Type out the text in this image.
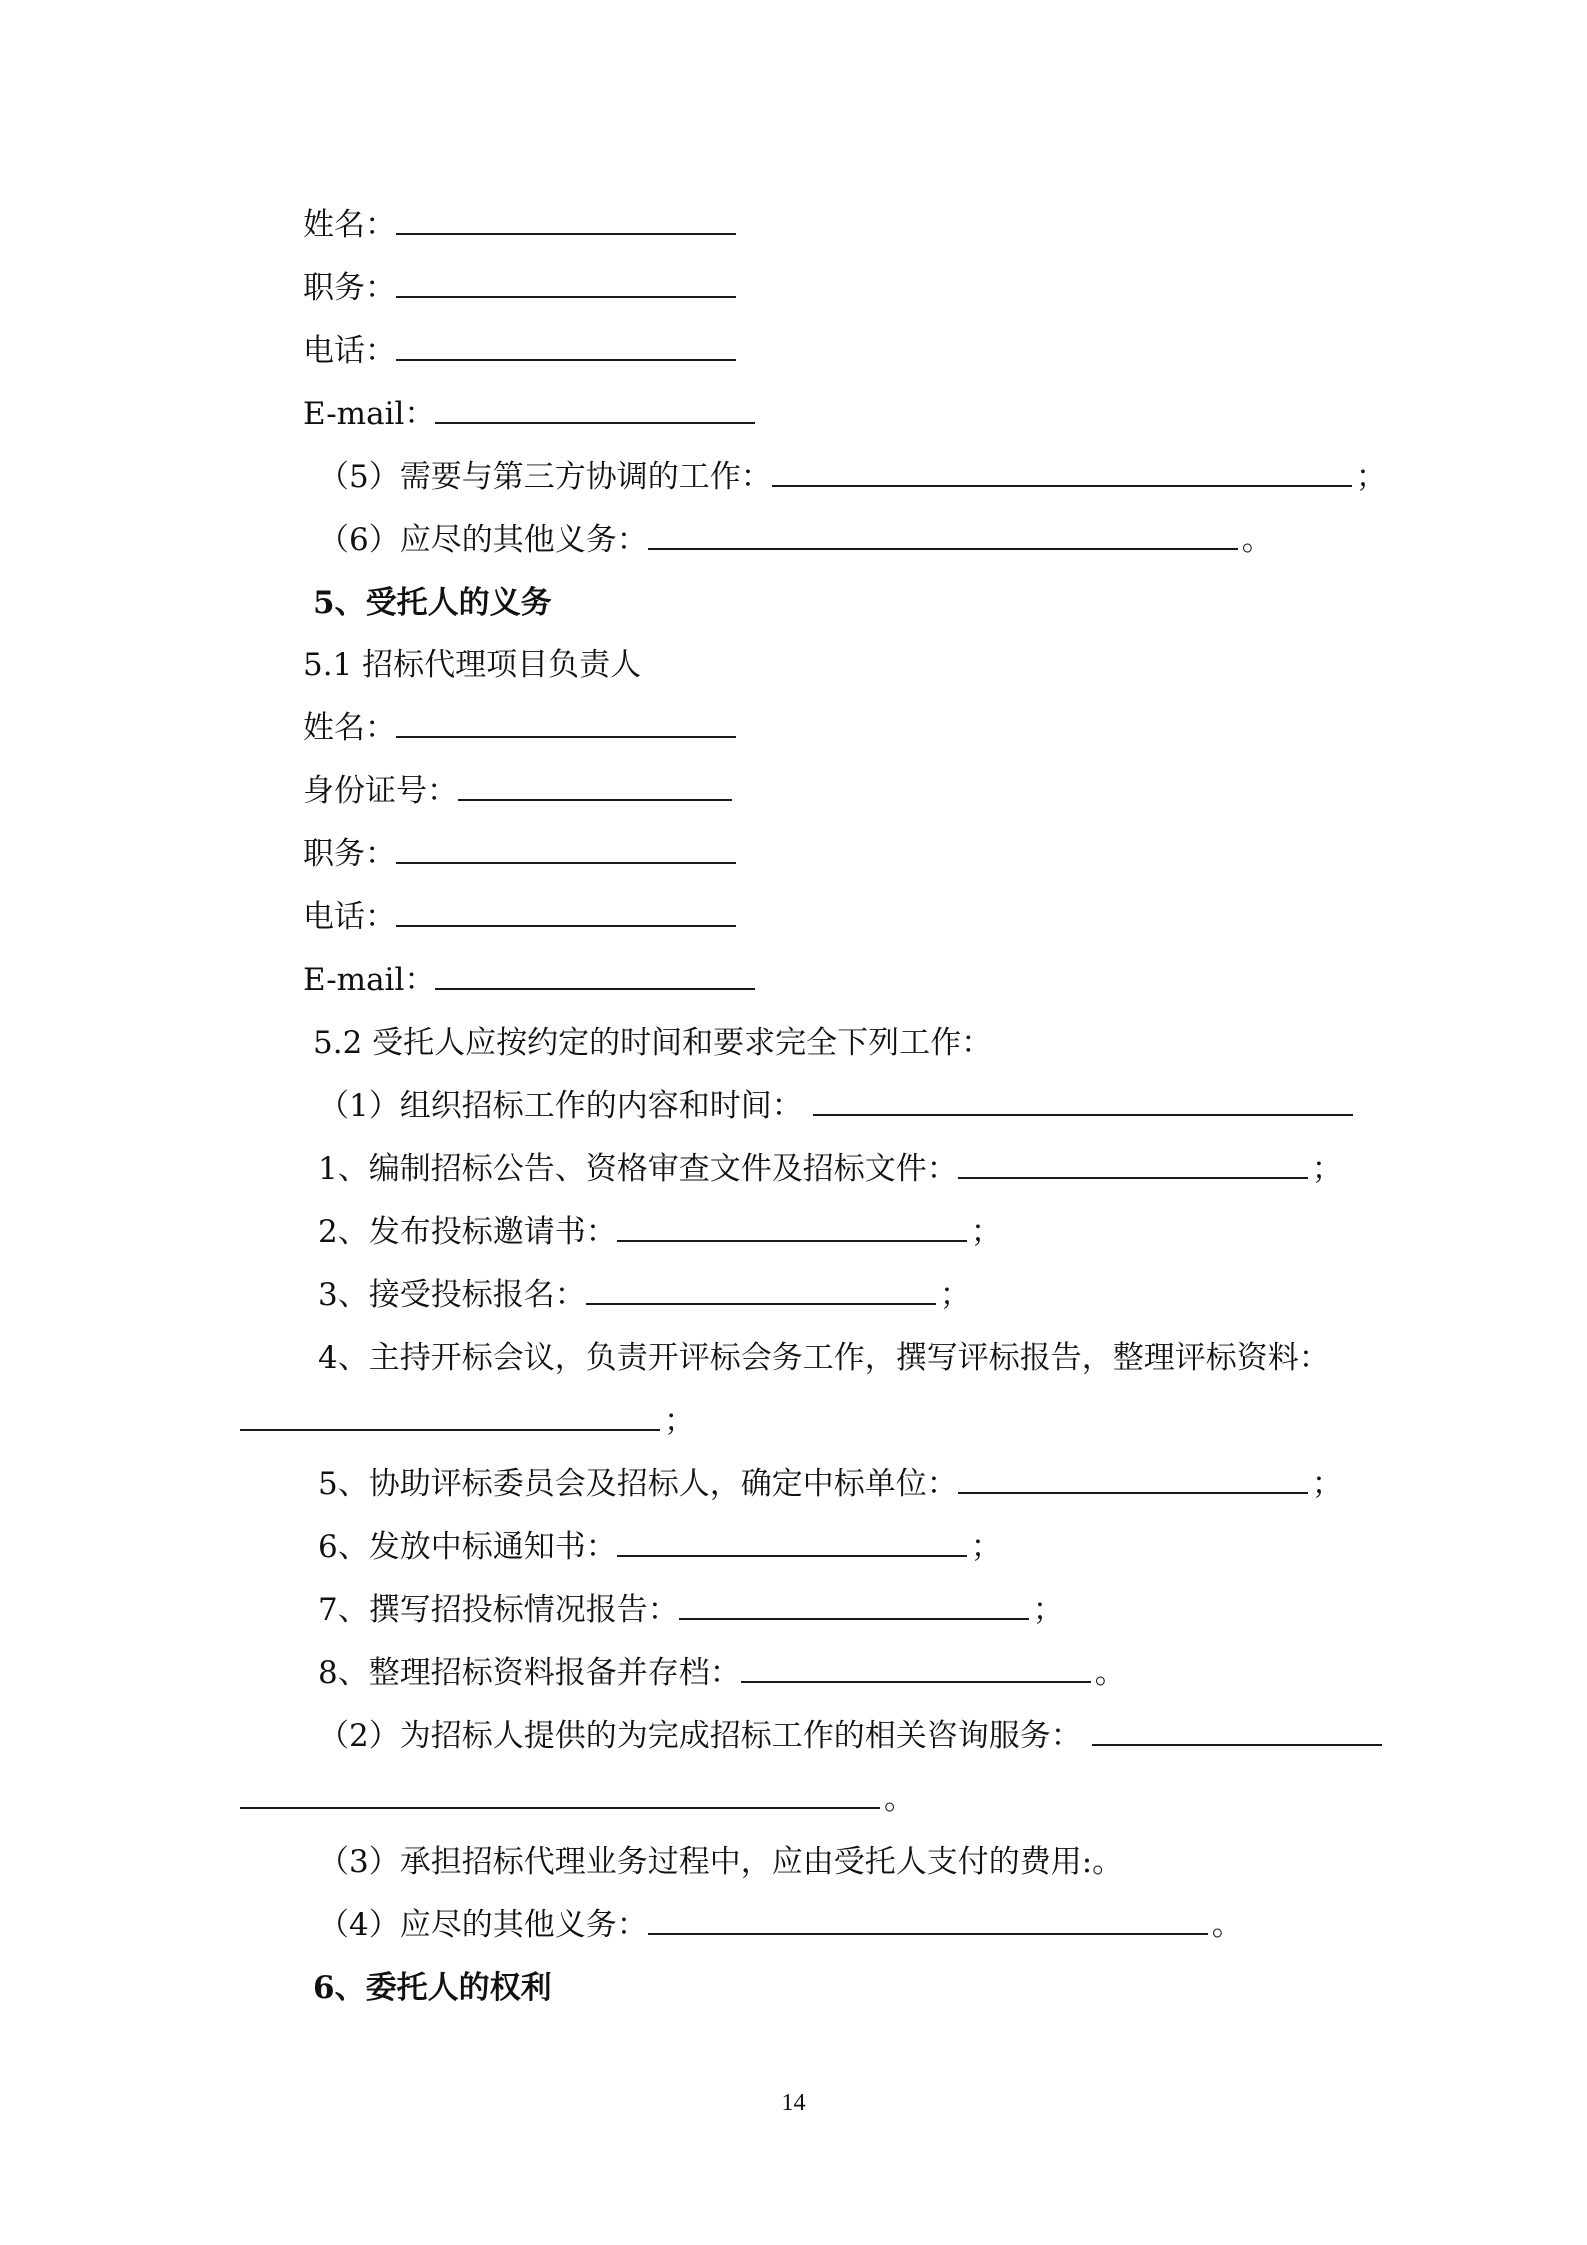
姓名：
职务：
电话：
E-mail：
（5）需要与第三方协调的工作：	；
（6）应尽的其他义务：	。
5、受托人的义务
5.1 招标代理项目负责人
姓名：
身份证号：
职务：
电话：
E-mail：
5.2 受托人应按约定的时间和要求完全下列工作：
（1）组织招标工作的内容和时间：
1、编制招标公告、资格审查文件及招标文件：	；
2、发布投标邀请书：	；
3、接受投标报名：	；
4、主持开标会议，负责开评标会务工作，撰写评标报告，整理评标资料：
；
5、协助评标委员会及招标人，确定中标单位：	；
6、发放中标通知书：	；
7、撰写招投标情况报告：	；
8、整理招标资料报备并存档：	。
（2）为招标人提供的为完成招标工作的相关咨询服务：
。
（3）承担招标代理业务过程中，应由受托人支付的费用:。
（4）应尽的其他义务：	。
6、委托人的权利
14
